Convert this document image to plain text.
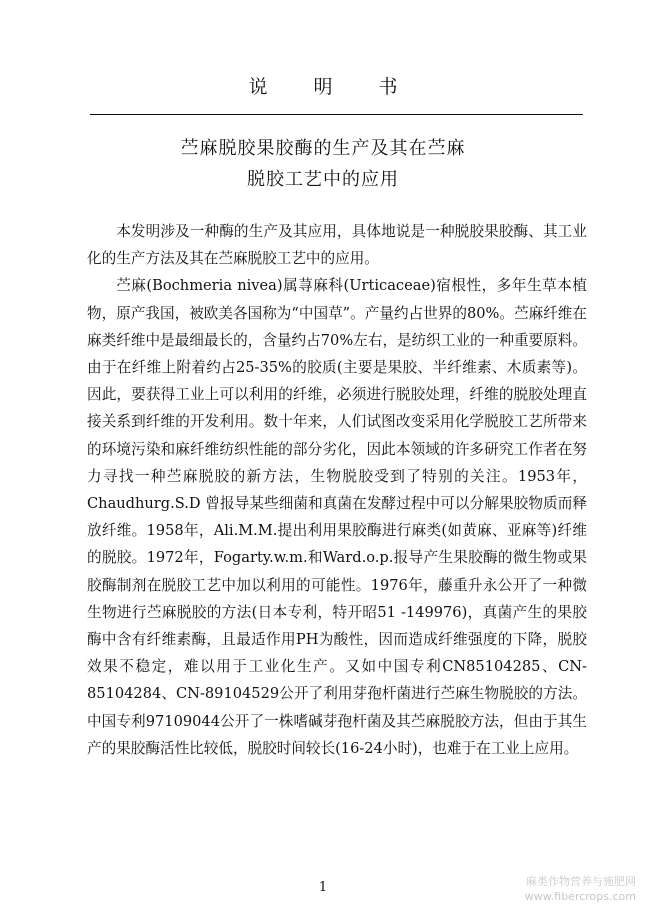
说明书
苎麻脱胶果胶酶的生产及其在苎麻
脱胶工艺中的应用

本发明涉及一种酶的生产及其应用，具体地说是一种脱胶果胶酶、其工业化的生产方法及其在苎麻脱胶工艺中的应用。

苎麻(Bochmeria nivea)属荨麻科(Urticaceae)宿根性，多年生草本植物，原产我国，被欧美各国称为“中国草”。产量约占世界的80%。苎麻纤维在麻类纤维中是最细最长的，含量约占70%左右，是纺织工业的一种重要原料。由于在纤维上附着约占25-35%的胶质(主要是果胶、半纤维素、木质素等)。因此，要获得工业上可以利用的纤维，必须进行脱胶处理，纤维的脱胶处理直接关系到纤维的开发利用。数十年来，人们试图改变采用化学脱胶工艺所带来的环境污染和麻纤维纺织性能的部分劣化，因此本领域的许多研究工作者在努力寻找一种苎麻脱胶的新方法，生物脱胶受到了特别的关注。1953年，Chaudhurg.S.D 曾报导某些细菌和真菌在发酵过程中可以分解果胶物质而释放纤维。1958年，Ali.M.M.提出利用果胶酶进行麻类(如黄麻、亚麻等)纤维的脱胶。1972年，Fogarty.w.m.和Ward.o.p.报导产生果胶酶的微生物或果胶酶制剂在脱胶工艺中加以利用的可能性。1976年，藤重升永公开了一种微生物进行苎麻脱胶的方法(日本专利，特开昭51 -149976)，真菌产生的果胶酶中含有纤维素酶，且最适作用PH为酸性，因而造成纤维强度的下降，脱胶效果不稳定，难以用于工业化生产。又如中国专利CN85104285、CN-85104284、CN-89104529公开了利用芽孢杆菌进行苎麻生物脱胶的方法。中国专利97109044公开了一株嗜碱芽孢杆菌及其苎麻脱胶方法，但由于其生产的果胶酶活性比较低，脱胶时间较长(16-24小时)，也难于在工业上应用。

1	麻类作物营养与施肥网
www.fibercrops.com
